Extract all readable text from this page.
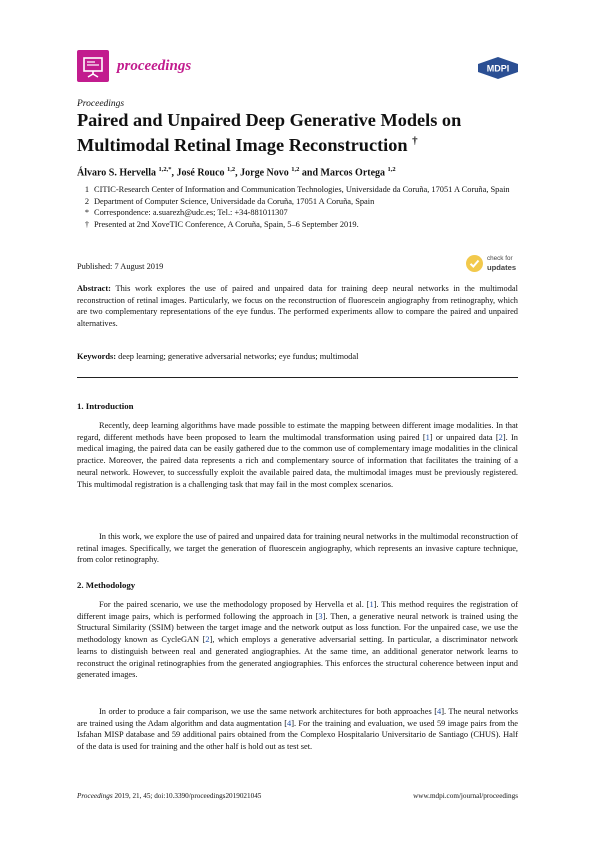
proceedings	MDPI
Proceedings
Paired and Unpaired Deep Generative Models on Multimodal Retinal Image Reconstruction †
Álvaro S. Hervella $^{1,2,*}$, José Rouco $^{1,2}$, Jorge Novo $^{1,2}$ and Marcos Ortega $^{1,2}$
1 CITIC-Research Center of Information and Communication Technologies, Universidade da Coruña, 17051 A Coruña, Spain
2 Department of Computer Science, Universidade da Coruña, 17051 A Coruña, Spain
* Correspondence: a.suarezh@udc.es; Tel.: +34-881011307
† Presented at 2nd XoveTIC Conference, A Coruña, Spain, 5–6 September 2019.
Published: 7 August 2019
check for
updates
Abstract: This work explores the use of paired and unpaired data for training deep neural networks in the multimodal reconstruction of retinal images. Particularly, we focus on the reconstruction of fluorescein angiography from retinography, which are two complementary representations of the eye fundus. The performed experiments allow to compare the paired and unpaired alternatives.
Keywords: deep learning; generative adversarial networks; eye fundus; multimodal
1. Introduction
Recently, deep learning algorithms have made possible to estimate the mapping between different image modalities. In that regard, different methods have been proposed to learn the multimodal transformation using paired [1] or unpaired data [2]. In medical imaging, the paired data can be easily gathered due to the common use of complementary image modalities in the clinical practice. Moreover, the paired data represents a rich and complementary source of information that facilitates the training of a neural network. However, to successfully exploit the available paired data, the multimodal images must be previously registered. This multimodal registration is a challenging task that may fail in the most complex scenarios.
In this work, we explore the use of paired and unpaired data for training neural networks in the multimodal reconstruction of retinal images. Specifically, we target the generation of fluorescein angiography, which represents an invasive capture technique, from color retinography.
2. Methodology
For the paired scenario, we use the methodology proposed by Hervella et al. [1]. This method requires the registration of different image pairs, which is performed following the approach in [3]. Then, a generative neural network is trained using the Structural Similarity (SSIM) between the target image and the network output as loss function. For the unpaired case, we use the methodology known as CycleGAN [2], which employs a generative adversarial setting. In particular, a discriminator network learns to distinguish between real and generated angiographies. At the same time, an additional generator network learns to reconstruct the original retinographies from the generated angiographies. This enforces the structural coherence between input and generated images.
In order to produce a fair comparison, we use the same network architectures for both approaches [4]. The neural networks are trained using the Adam algorithm and data augmentation [4]. For the training and evaluation, we used 59 image pairs from the Isfahan MISP database and 59 additional pairs obtained from the Complexo Hospitalario Universitario de Santiago (CHUS). Half of the data is used for training and the other half is hold out as test set.
Proceedings 2019, 21, 45; doi:10.3390/proceedings2019021045	www.mdpi.com/journal/proceedings
